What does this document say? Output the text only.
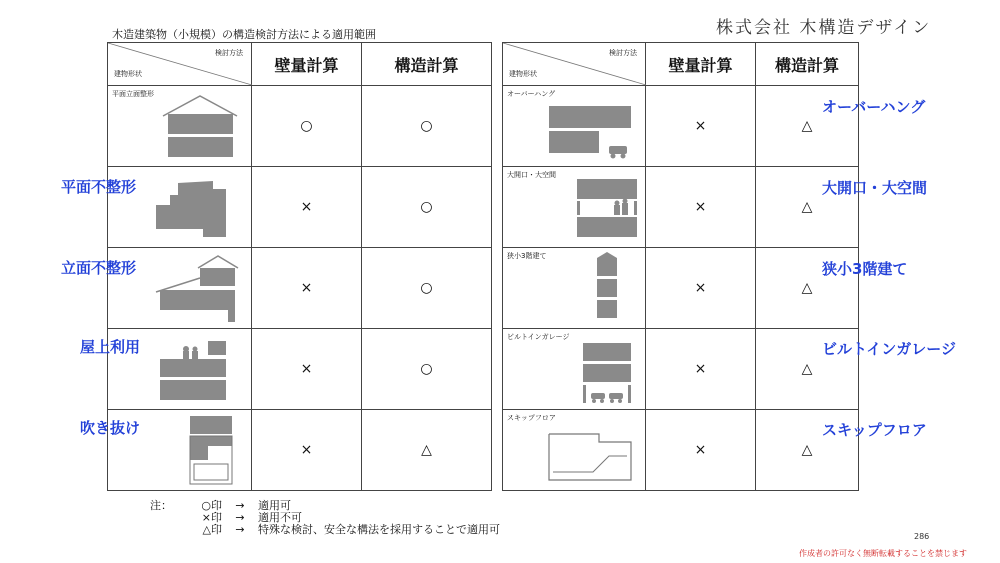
木造建築物（小規模）の構造検討方法による適用範囲	株式会社 木構造デザイン
検討方法
建物形状	壁量計算	構造計算

平面立面整形	○	○

	×	○

	×	○

	×	○

	×	△
検討方法
建物形状	壁量計算	構造計算

オーバーハング	×	△

大開口・大空間	×	△

狭小3階建て	×	△

ビルトインガレージ	×	△

スキップフロア	×	△
平面不整形
立面不整形
屋上利用
吹き抜け
オーバーハング
大開口・大空間
狭小3階建て
ビルトインガレージ
スキップフロア
注：	○印	→	適用可
×印	→	適用不可
△印	→	特殊な検討、安全な構法を採用することで適用可
286
作成者の許可なく無断転載することを禁じます
